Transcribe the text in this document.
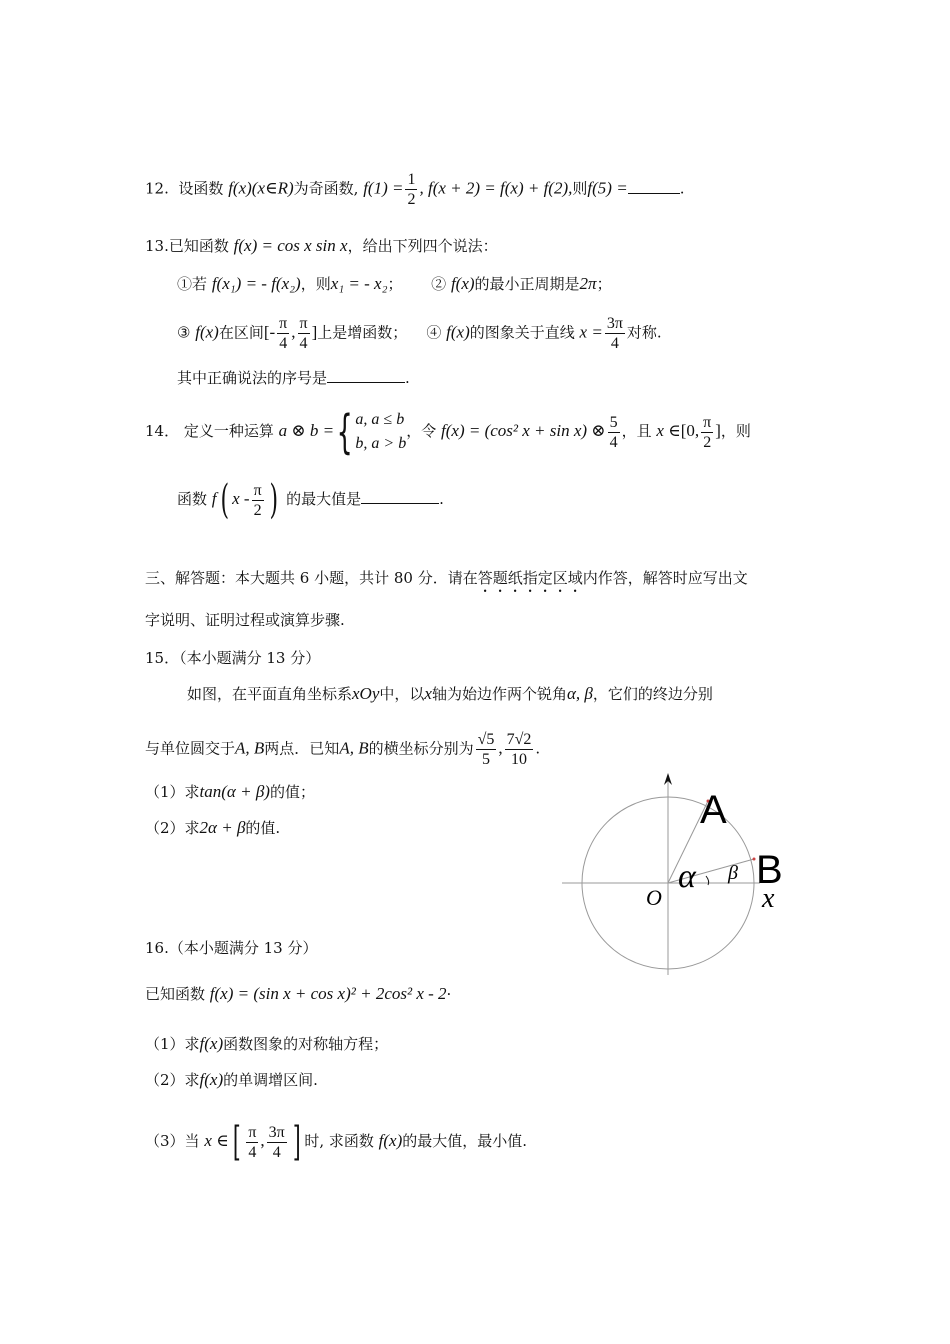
12. 设函数 f(x)(x∈R)为奇函数, $f(1) = \frac{1}{2}$ , f(x + 2) = f(x) + f(2),则f(5) =	.
13.已知函数 f(x) = cos x sin x，给出下列四个说法：
①若 f(x₁) = - f(x₂)，则x₁ = - x₂； ② f(x)的最小正周期是2π；
③ f(x)在区间[- $\frac{\pi}{4}$ , $\frac{\pi}{4}$ ]上是增函数； ④ f(x)的图象关于直线 $x = \frac{3\pi}{4}$ 对称.
其中正确说法的序号是	.
14． 定义一种运算 a ⊗ b ={ a, a ≤ b
b, a > b
，令 f(x) = (cos² x + sin x) ⊗ $\frac{5}{4}$ ，且 x ∈[0, $\frac{\pi}{2}$ ]，则
函数 f( x - $\frac{\pi}{2}$ ) 的最大值是	.
三、解答题：本大题共 6 小题，共计 80 分．请在答题纸指定区域内作答，解答时应写出文
字说明、证明过程或演算步骤.
15．（本小题满分 13 分）
如图，在平面直角坐标系xOy中，以x轴为始边作两个锐角α, β，它们的终边分别
与单位圆交于A, B两点．已知A, B的横坐标分别为 $\frac{√5}{5}$ , $\frac{7√2}{10}$ .
（1）求tan(α + β)的值；
（2）求2α + β的值.	A
B
O	x
α β
16.（本小题满分 13 分）
已知函数 f(x) = (sin x + cos x)² + 2cos² x - 2·
（1）求f(x)函数图象的对称轴方程；
（2）求f(x)的单调增区间.
（3）当 x ∈[ $\frac{\pi}{4}$ , $\frac{3\pi}{4}$ ] 时, 求函数 f(x)的最大值，最小值.
